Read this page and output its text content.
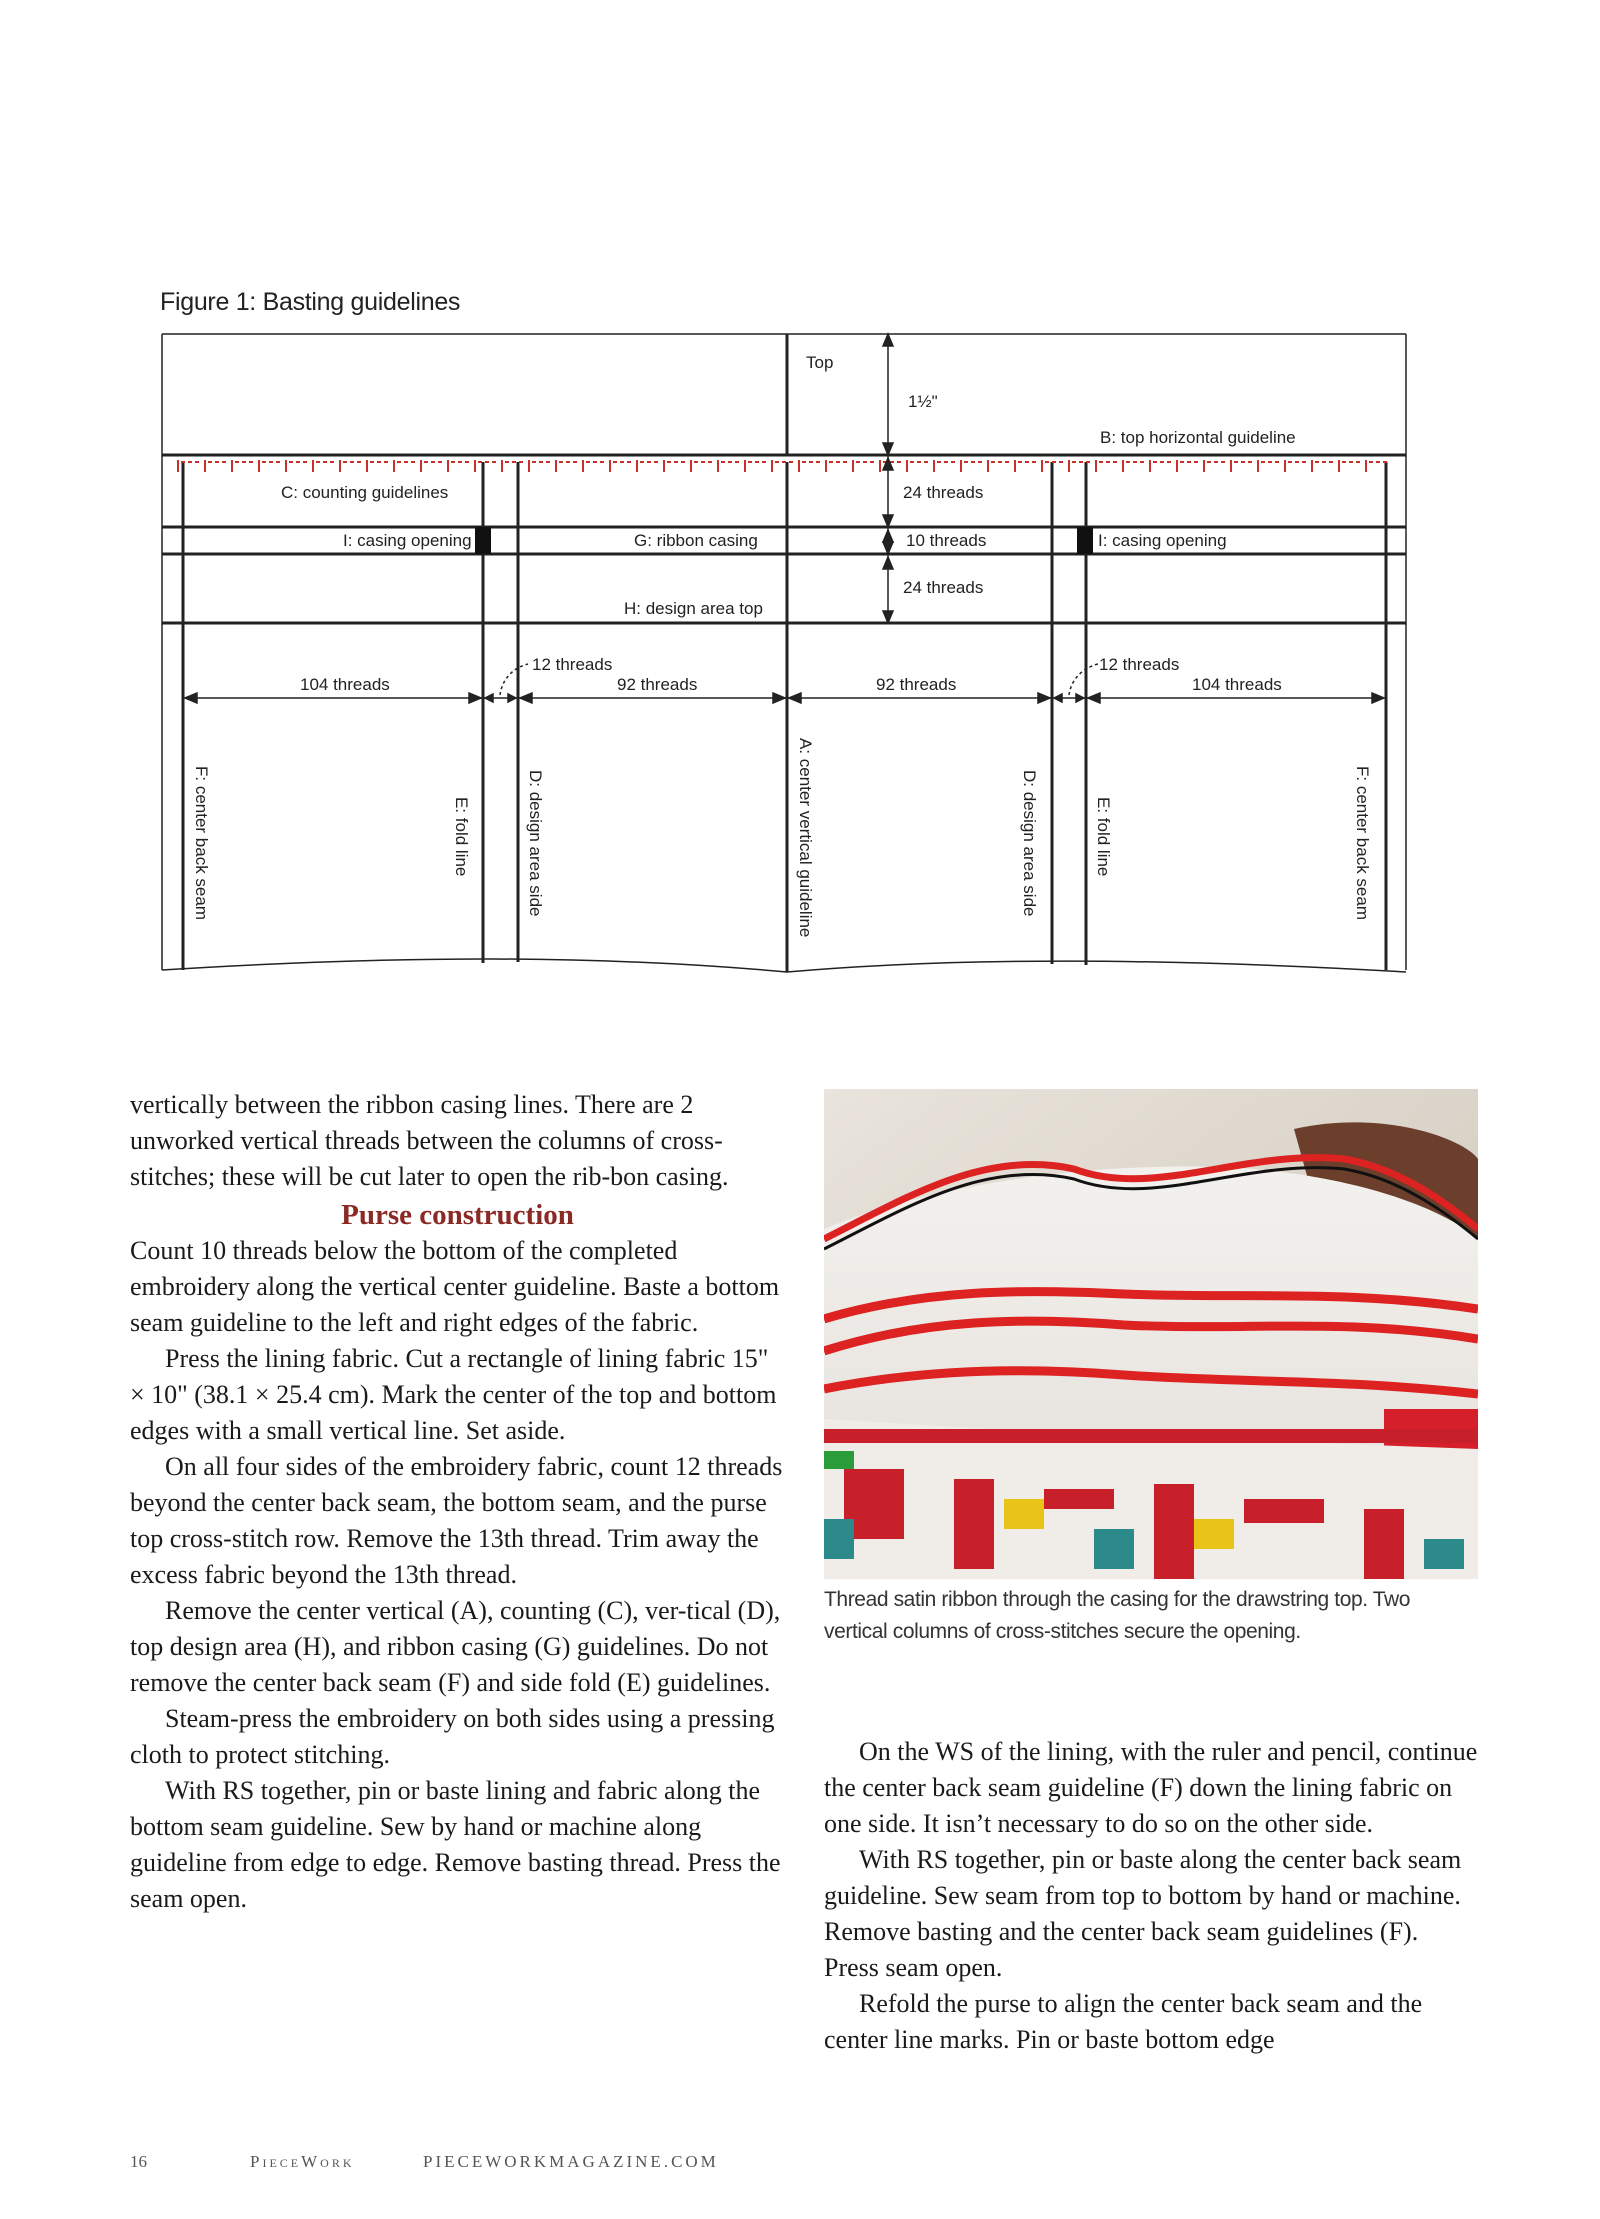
Figure 1: Basting guidelines
Top
1½"
B: top horizontal guideline
C: counting guidelines	24 threads
I: casing opening	G: ribbon casing	10 threads	I: casing opening
24 threads
H: design area top
12 threads	12 threads
104 threads	92 threads	92 threads	104 threads
F: center back seam	E: fold line	D: design area side	A: center vertical guideline	D: design area side	E: fold line	F: center back seam

vertically between the ribbon casing lines. There are 2 unworked vertical threads between the columns of cross-stitches; these will be cut later to open the rib-bon casing.

Purse construction

Count 10 threads below the bottom of the completed embroidery along the vertical center guideline. Baste a bottom seam guideline to the left and right edges of the fabric.

Press the lining fabric. Cut a rectangle of lining fabric 15" × 10" (38.1 × 25.4 cm). Mark the center of the top and bottom edges with a small vertical line. Set aside.

On all four sides of the embroidery fabric, count 12 threads beyond the center back seam, the bottom seam, and the purse top cross-stitch row. Remove the 13th thread. Trim away the excess fabric beyond the 13th thread.

Remove the center vertical (A), counting (C), ver-tical (D), top design area (H), and ribbon casing (G) guidelines. Do not remove the center back seam (F) and side fold (E) guidelines.

Steam-press the embroidery on both sides using a pressing cloth to protect stitching.

With RS together, pin or baste lining and fabric along the bottom seam guideline. Sew by hand or machine along guideline from edge to edge. Remove basting thread. Press the seam open.

Thread satin ribbon through the casing for the drawstring top. Two vertical columns of cross-stitches secure the opening.

On the WS of the lining, with the ruler and pencil, continue the center back seam guideline (F) down the lining fabric on one side. It isn’t necessary to do so on the other side.

With RS together, pin or baste along the center back seam guideline. Sew seam from top to bottom by hand or machine. Remove basting and the center back seam guidelines (F). Press seam open.

Refold the purse to align the center back seam and the center line marks. Pin or baste bottom edge

16	PieceWork	PIECEWORKMAGAZINE.COM
